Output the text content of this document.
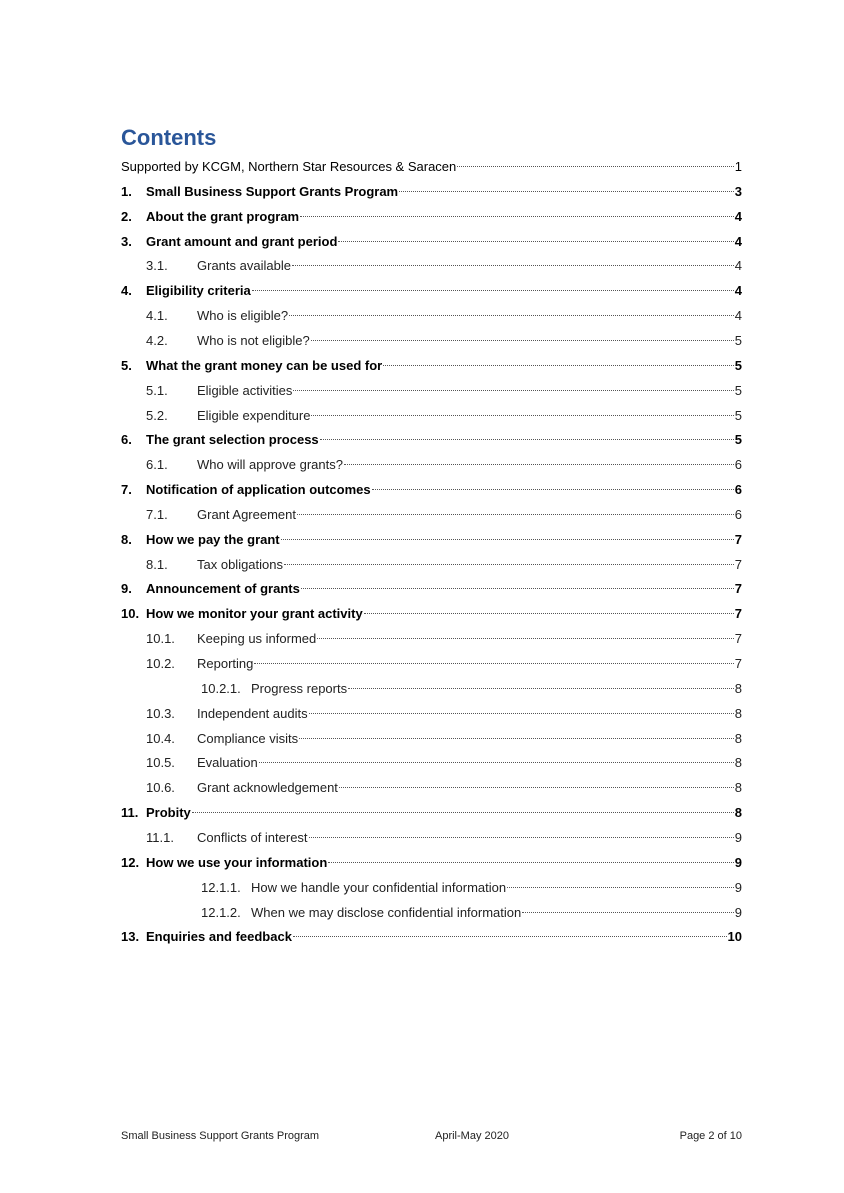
Contents
Supported by KCGM, Northern Star Resources & Saracen	1
1.	Small Business Support Grants Program	3
2.	About the grant program	4
3.	Grant amount and grant period	4
3.1.	Grants available	4
4.	Eligibility criteria	4
4.1.	Who is eligible?	4
4.2.	Who is not eligible?	5
5.	What the grant money can be used for	5
5.1.	Eligible activities	5
5.2.	Eligible expenditure	5
6.	The grant selection process	5
6.1.	Who will approve grants?	6
7.	Notification of application outcomes	6
7.1.	Grant Agreement	6
8.	How we pay the grant	7
8.1.	Tax obligations	7
9.	Announcement of grants	7
10. How we monitor your grant activity	7
10.1.	Keeping us informed	7
10.2.	Reporting	7
10.2.1. Progress reports	8
10.3.	Independent audits	8
10.4.	Compliance visits	8
10.5.	Evaluation	8
10.6.	Grant acknowledgement	8
11. Probity	8
11.1.	Conflicts of interest	9
12. How we use your information	9
12.1.1. How we handle your confidential information	9
12.1.2. When we may disclose confidential information	9
13. Enquiries and feedback	10
Small Business Support Grants Program	April-May 2020	Page 2 of 10
